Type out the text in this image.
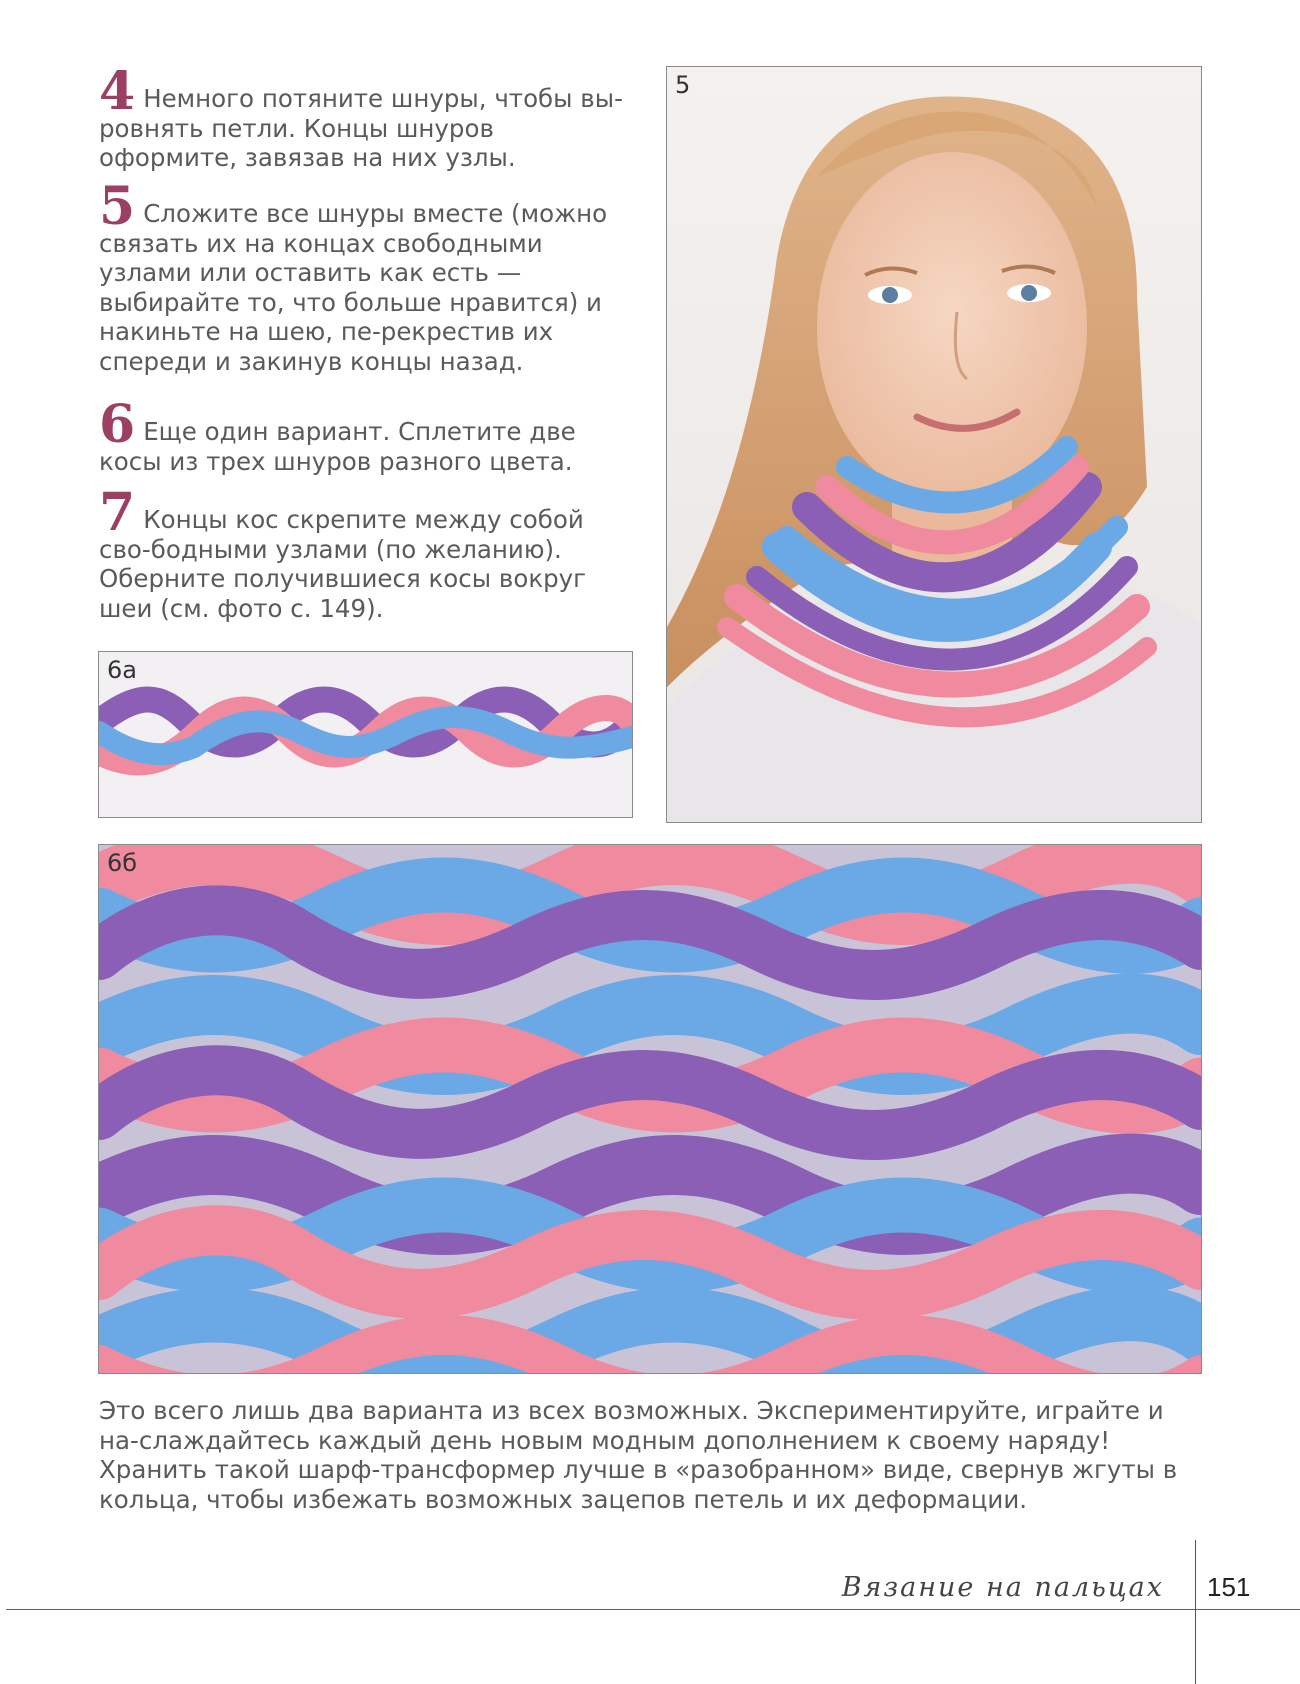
4 Немного потяните шнуры, чтобы вы-ровнять петли. Концы шнуров оформите, завязав на них узлы.
5 Сложите все шнуры вместе (можно связать их на концах свободными узлами или оставить как есть — выбирайте то, что больше нравится) и накиньте на шею, пе-рекрестив их спереди и закинув концы назад.
6 Еще один вариант. Сплетите две косы из трех шнуров разного цвета.
7 Концы кос скрепите между собой сво-бодными узлами (по желанию). Оберните получившиеся косы вокруг шеи (см. фото с. 149).
5
6а
6б
Это всего лишь два варианта из всех возможных. Экспериментируйте, играйте и на-слаждайтесь каждый день новым модным дополнением к своему наряду! Хранить такой шарф-трансформер лучше в «разобранном» виде, свернув жгуты в кольца, чтобы избежать возможных зацепов петель и их деформации.
Вязание на пальцах 151
